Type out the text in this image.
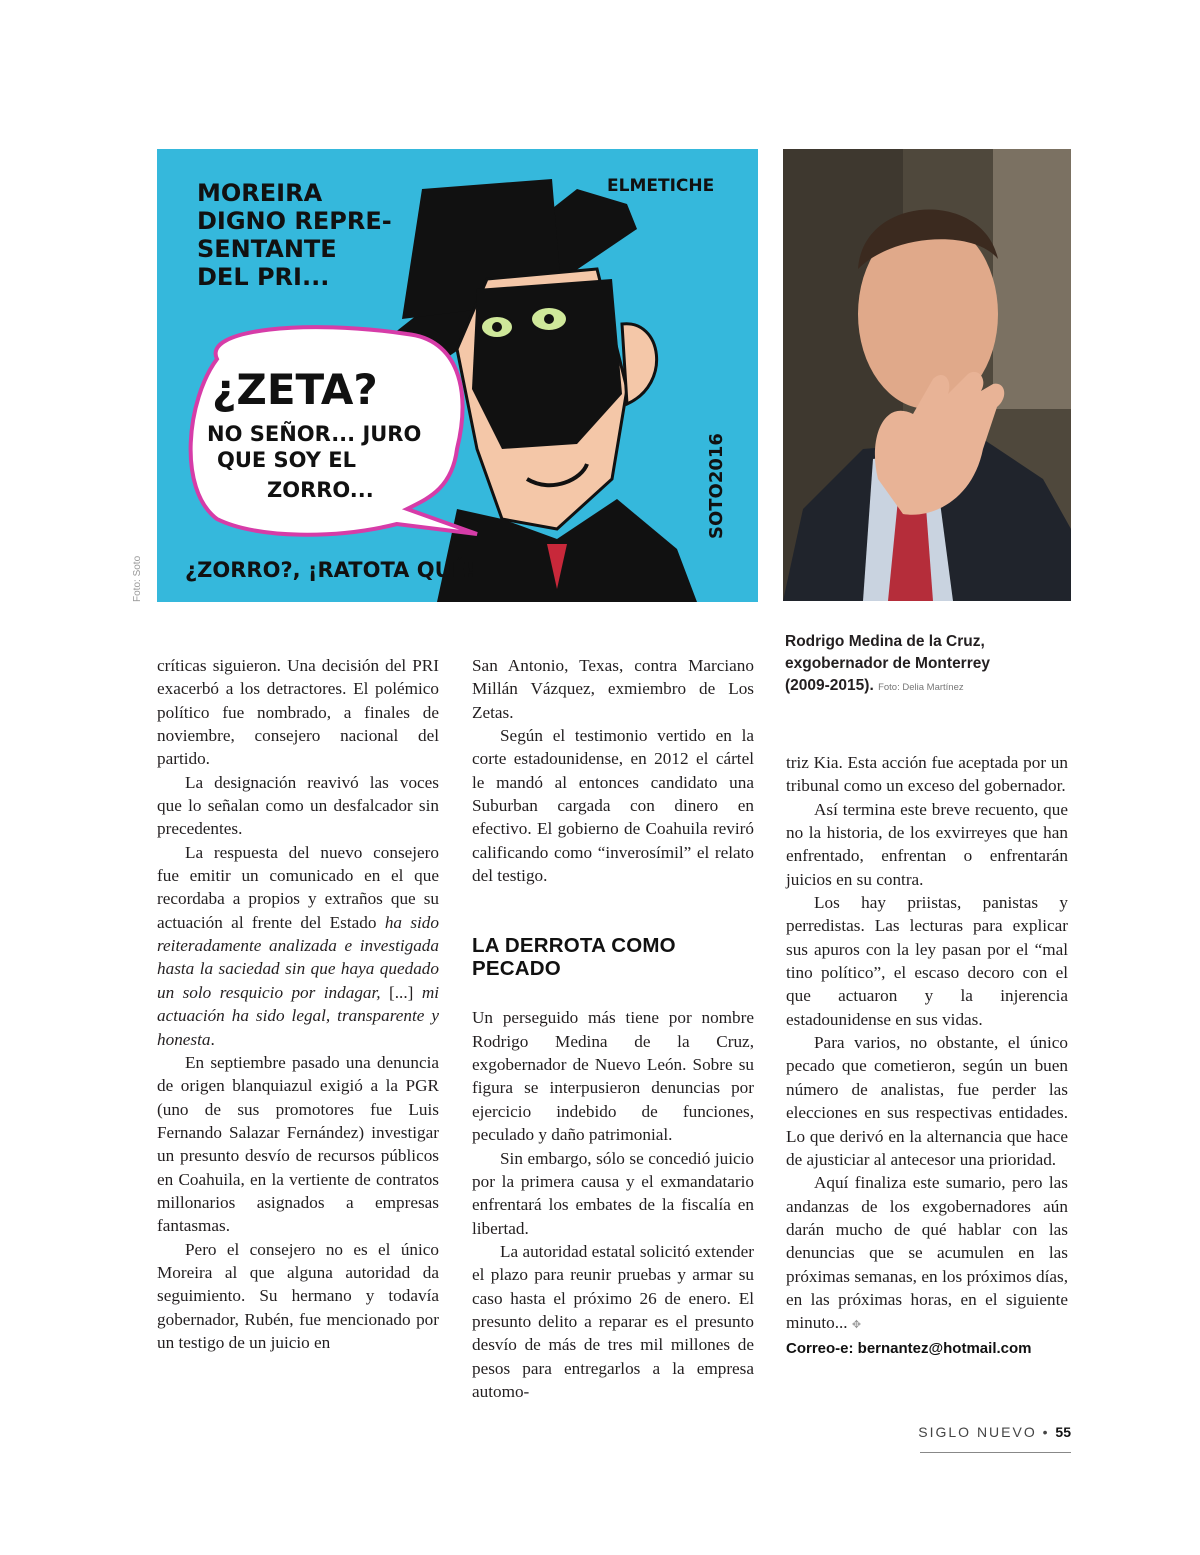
MOREIRA DIGNO REPRE- SENTANTE DEL PRI...
ELMETICHE
¿ZETA?
NO SEÑOR... JURO QUE SOY EL ZORRO...
¿ZORRO?, ¡RATOTA QUÉ!
SOTO2016
Foto: Soto
Rodrigo Medina de la Cruz,
exgobernador de Monterrey
(2009-2015). Foto: Delia Martínez

críticas siguieron. Una decisión del PRI exacerbó a los detractores. El polémico político fue nombrado, a finales de noviembre, consejero nacional del partido.

La designación reavivó las voces que lo señalan como un desfalcador sin precedentes.

La respuesta del nuevo consejero fue emitir un comunicado en el que recordaba a propios y extraños que su actuación al frente del Estado ha sido reiteradamente analizada e investigada hasta la saciedad sin que haya quedado un solo resquicio por indagar, [...] mi actuación ha sido legal, transparente y honesta.

En septiembre pasado una denuncia de origen blanquiazul exigió a la PGR (uno de sus promotores fue Luis Fernando Salazar Fernández) investigar un presunto desvío de recursos públicos en Coahuila, en la vertiente de contratos millonarios asignados a empresas fantasmas.

Pero el consejero no es el único Moreira al que alguna autoridad da seguimiento. Su hermano y todavía gobernador, Rubén, fue mencionado por un testigo de un juicio en

San Antonio, Texas, contra Marciano Millán Vázquez, exmiembro de Los Zetas.

Según el testimonio vertido en la corte estadounidense, en 2012 el cártel le mandó al entonces candidato una Suburban cargada con dinero en efectivo. El gobierno de Coahuila reviró calificando como “inverosímil” el relato del testigo.

LA DERROTA COMO
PECADO

Un perseguido más tiene por nombre Rodrigo Medina de la Cruz, exgobernador de Nuevo León. Sobre su figura se interpusieron denuncias por ejercicio indebido de funciones, peculado y daño patrimonial.

Sin embargo, sólo se concedió juicio por la primera causa y el exmandatario enfrentará los embates de la fiscalía en libertad.

La autoridad estatal solicitó extender el plazo para reunir pruebas y armar su caso hasta el próximo 26 de enero. El presunto delito a reparar es el presunto desvío de más de tres mil millones de pesos para entregarlos a la empresa automo-

triz Kia. Esta acción fue aceptada por un tribunal como un exceso del gobernador.

Así termina este breve recuento, que no la historia, de los exvirreyes que han enfrentado, enfrentan o enfrentarán juicios en su contra.

Los hay priistas, panistas y perredistas. Las lecturas para explicar sus apuros con la ley pasan por el “mal tino político”, el escaso decoro con el que actuaron y la injerencia estadounidense en sus vidas.

Para varios, no obstante, el único pecado que cometieron, según un buen número de analistas, fue perder las elecciones en sus respectivas entidades. Lo que derivó en la alternancia que hace de ajusticiar al antecesor una prioridad.

Aquí finaliza este sumario, pero las andanzas de los exgobernadores aún darán mucho de qué hablar con las denuncias que se acumulen en las próximas semanas, en los próximos días, en las próximas horas, en el siguiente minuto... ✥

Correo-e: bernantez@hotmail.com

SIGLO NUEVO • 55
